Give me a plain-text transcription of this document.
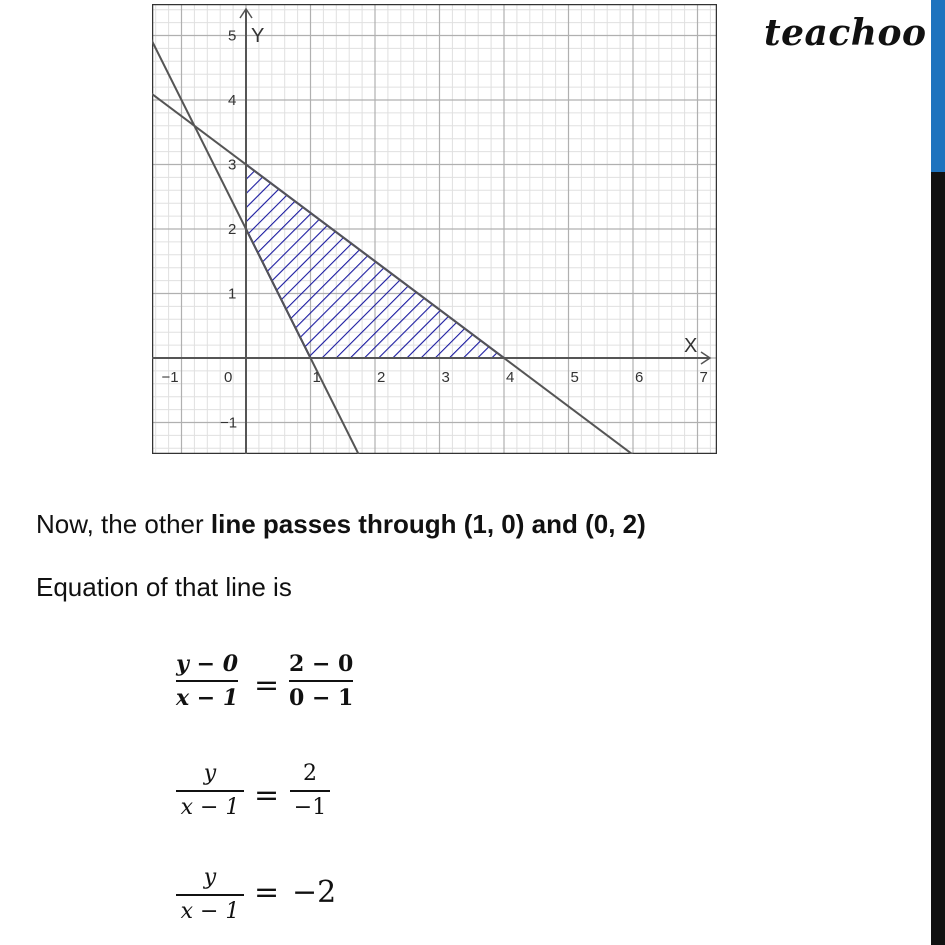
teachoo
X
Y
−1	0	1	2	3	4	5	6	7
−1
1
2
3
4
5
Now, the other line passes through (1, 0) and (0, 2)
Equation of that line is
y − 0
x − 1 =
2 − 0
0 − 1
y
x − 1 =
2
−1
y
x − 1
= −2
